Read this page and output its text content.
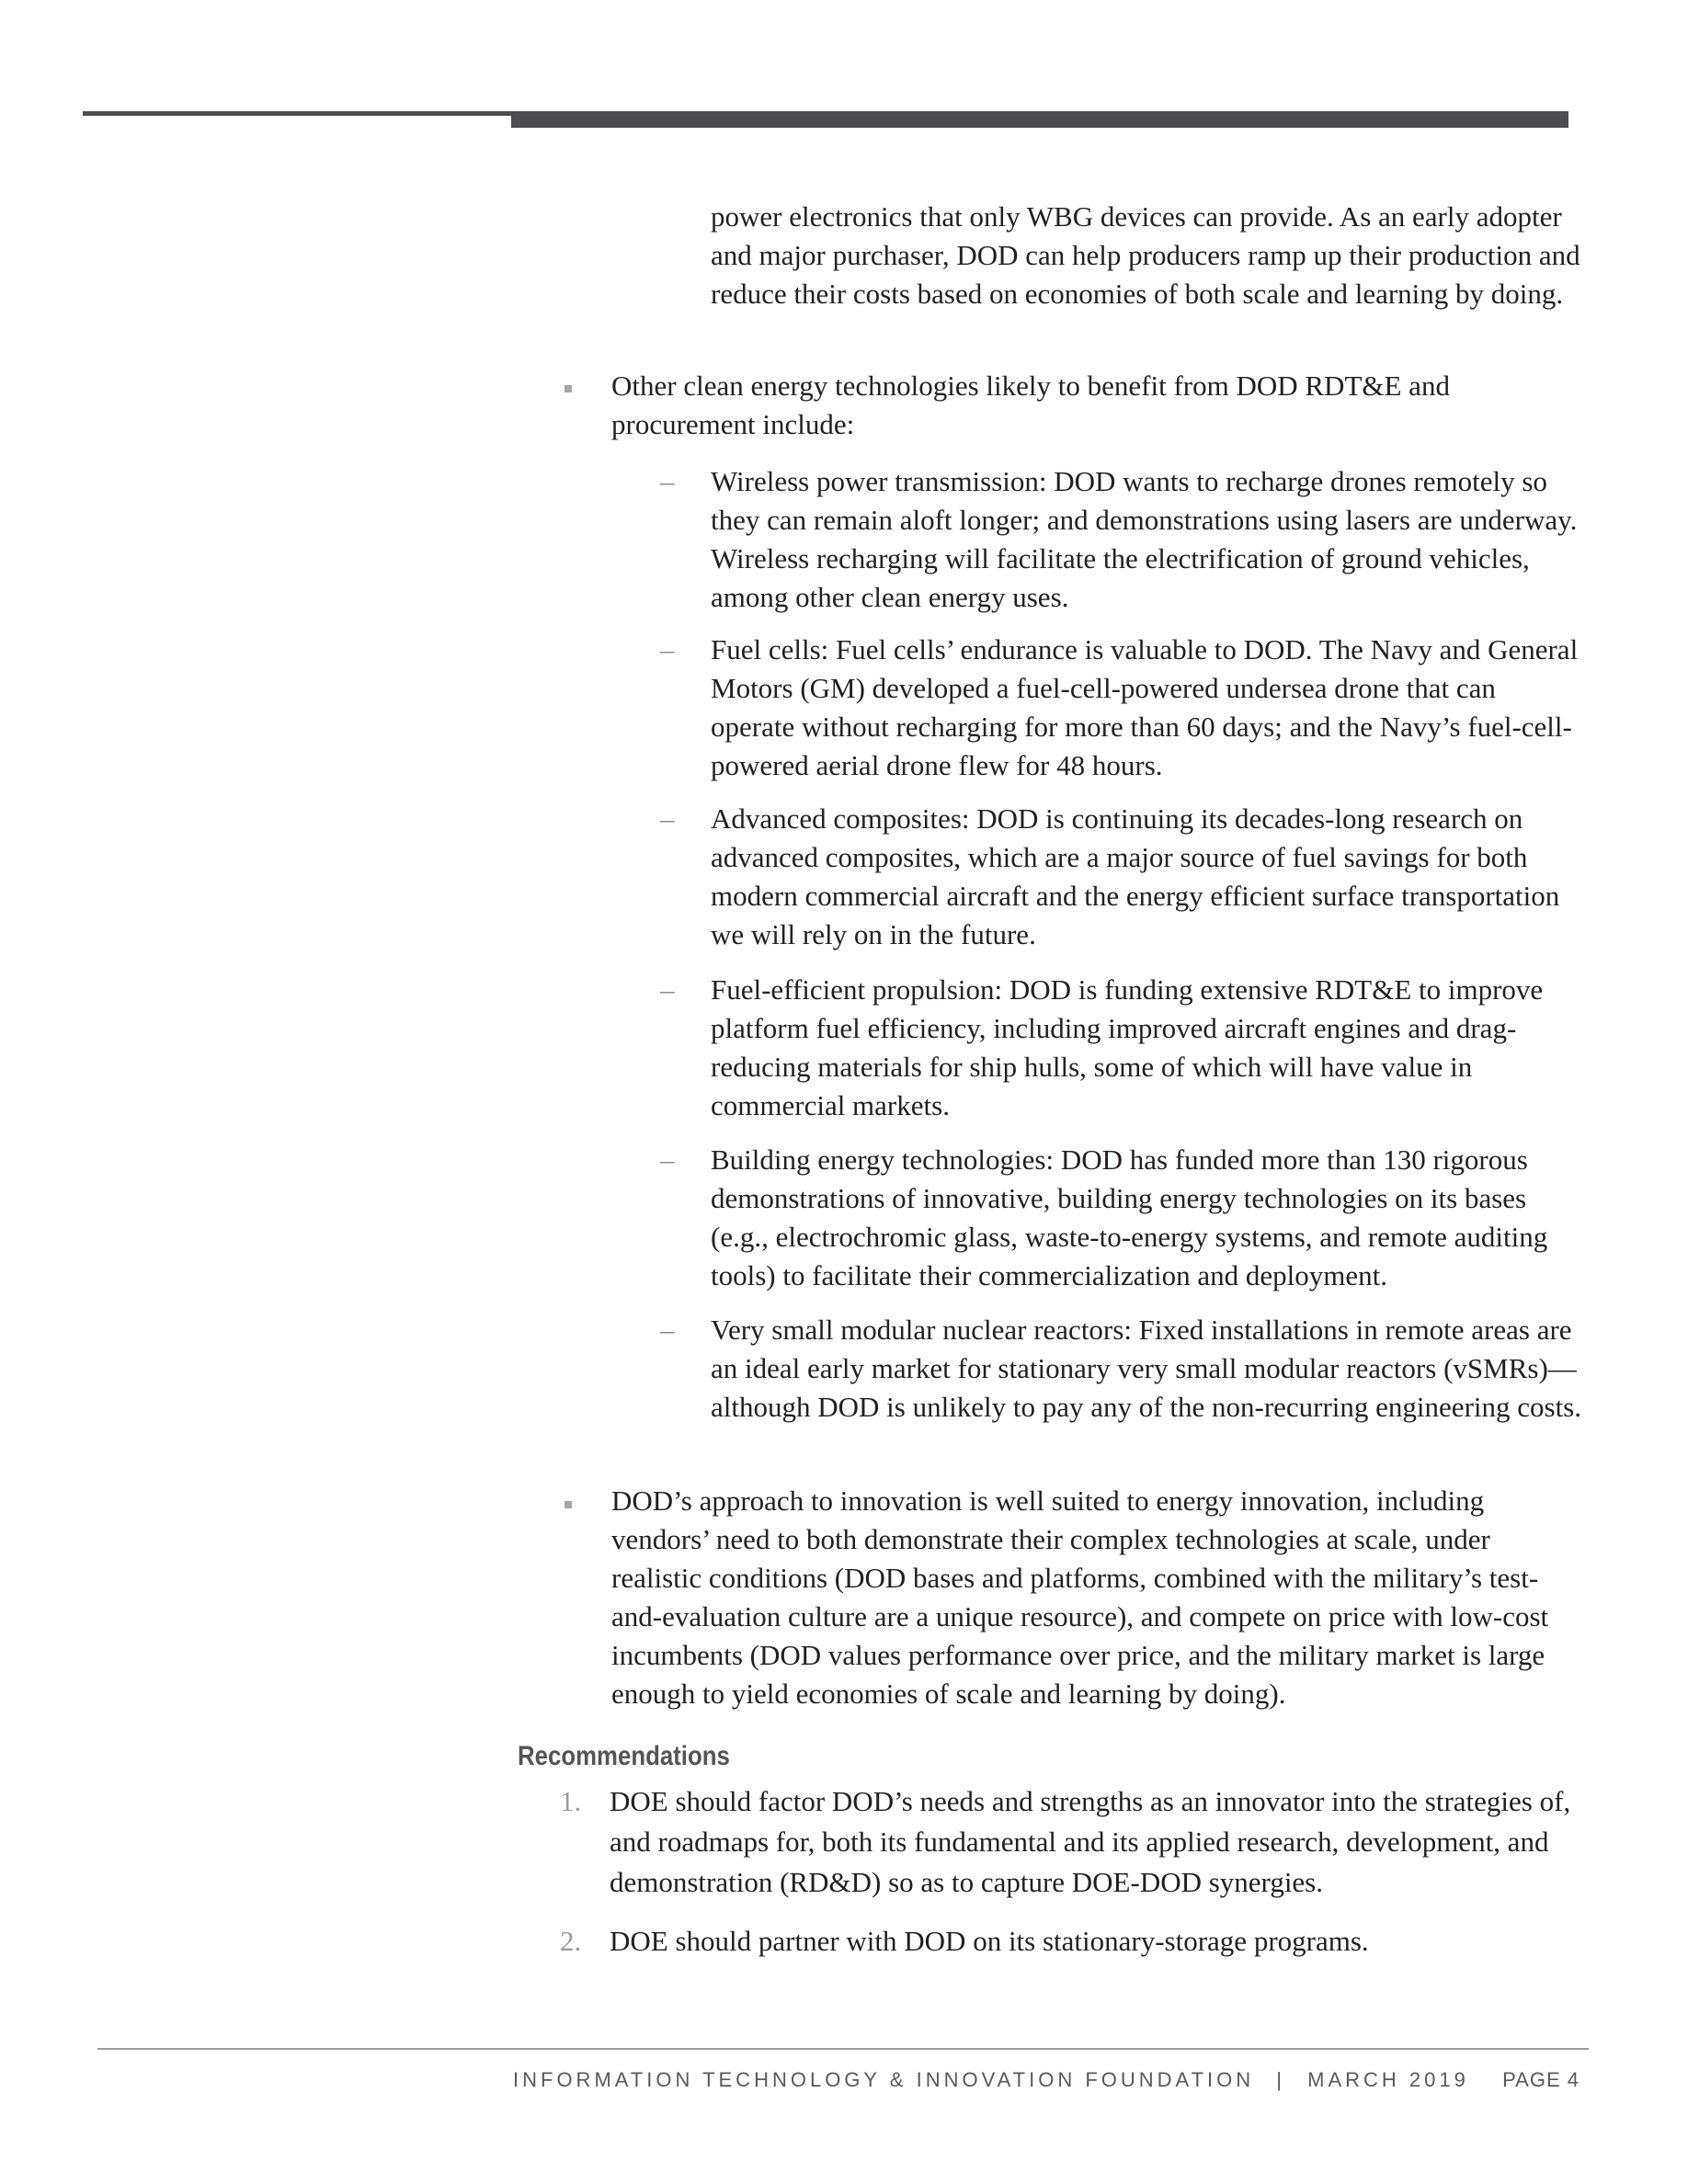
power electronics that only WBG devices can provide. As an early adopter and major purchaser, DOD can help producers ramp up their production and reduce their costs based on economies of both scale and learning by doing.

Other clean energy technologies likely to benefit from DOD RDT&E and procurement include:

– Wireless power transmission: DOD wants to recharge drones remotely so they can remain aloft longer; and demonstrations using lasers are underway. Wireless recharging will facilitate the electrification of ground vehicles, among other clean energy uses.

– Fuel cells: Fuel cells’ endurance is valuable to DOD. The Navy and General Motors (GM) developed a fuel-cell-powered undersea drone that can operate without recharging for more than 60 days; and the Navy’s fuel-cell-powered aerial drone flew for 48 hours.

– Advanced composites: DOD is continuing its decades-long research on advanced composites, which are a major source of fuel savings for both modern commercial aircraft and the energy efficient surface transportation we will rely on in the future.

– Fuel-efficient propulsion: DOD is funding extensive RDT&E to improve platform fuel efficiency, including improved aircraft engines and drag-reducing materials for ship hulls, some of which will have value in commercial markets.

– Building energy technologies: DOD has funded more than 130 rigorous demonstrations of innovative, building energy technologies on its bases (e.g., electrochromic glass, waste-to-energy systems, and remote auditing tools) to facilitate their commercialization and deployment.

– Very small modular nuclear reactors: Fixed installations in remote areas are an ideal early market for stationary very small modular reactors (vSMRs)—although DOD is unlikely to pay any of the non-recurring engineering costs.

DOD’s approach to innovation is well suited to energy innovation, including vendors’ need to both demonstrate their complex technologies at scale, under realistic conditions (DOD bases and platforms, combined with the military’s test-and-evaluation culture are a unique resource), and compete on price with low-cost incumbents (DOD values performance over price, and the military market is large enough to yield economies of scale and learning by doing).

Recommendations
1. DOE should factor DOD’s needs and strengths as an innovator into the strategies of, and roadmaps for, both its fundamental and its applied research, development, and demonstration (RD&D) so as to capture DOE-DOD synergies.

2. DOE should partner with DOD on its stationary-storage programs.

INFORMATION TECHNOLOGY & INNOVATION FOUNDATION | MARCH 2019 PAGE 4
